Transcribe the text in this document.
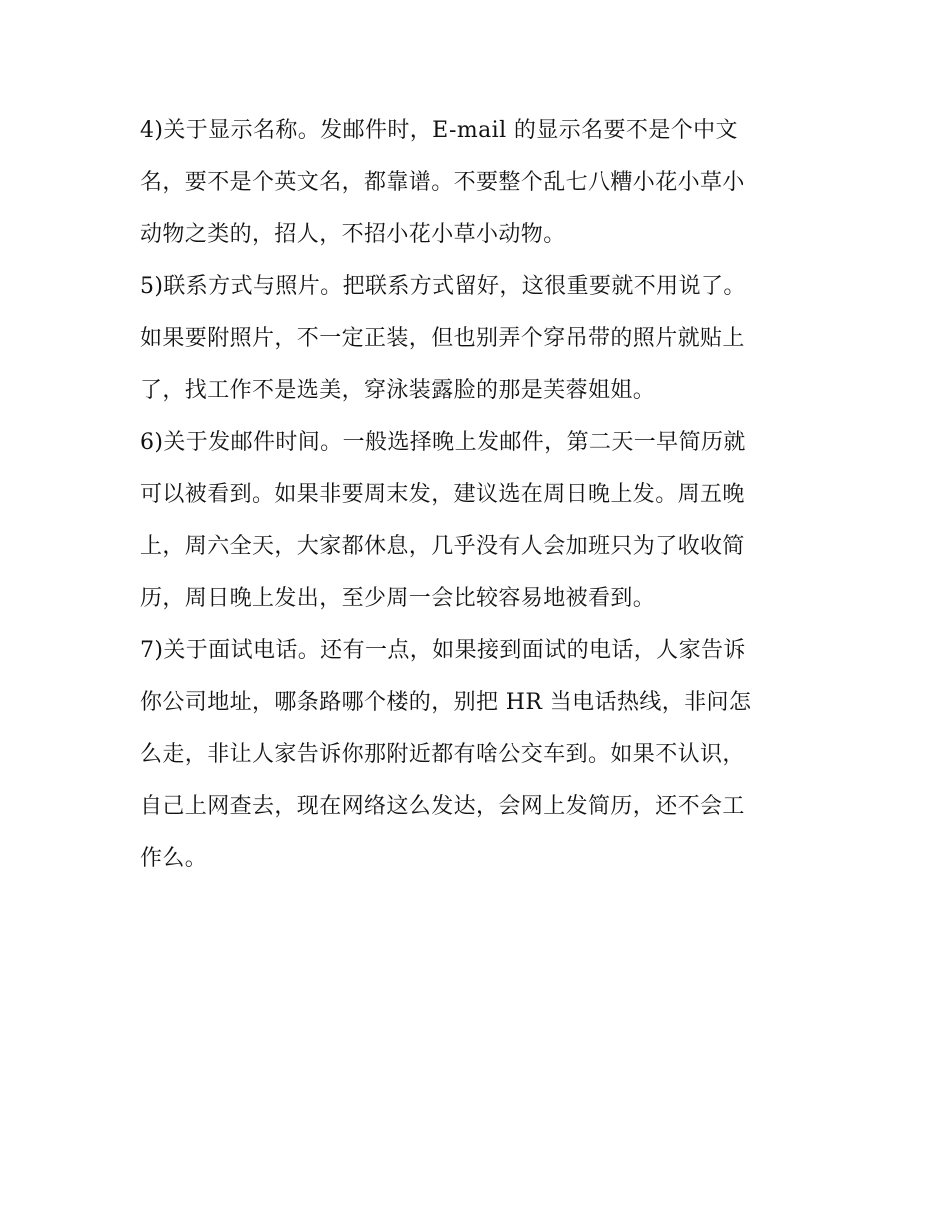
4)关于显示名称。发邮件时，E-mail 的显示名要不是个中文
名，要不是个英文名，都靠谱。不要整个乱七八糟小花小草小
动物之类的，招人，不招小花小草小动物。
5)联系方式与照片。把联系方式留好，这很重要就不用说了。
如果要附照片，不一定正装，但也别弄个穿吊带的照片就贴上
了，找工作不是选美，穿泳装露脸的那是芙蓉姐姐。
6)关于发邮件时间。一般选择晚上发邮件，第二天一早简历就
可以被看到。如果非要周末发，建议选在周日晚上发。周五晚
上，周六全天，大家都休息，几乎没有人会加班只为了收收简
历，周日晚上发出，至少周一会比较容易地被看到。
7)关于面试电话。还有一点，如果接到面试的电话，人家告诉
你公司地址，哪条路哪个楼的，别把 HR 当电话热线，非问怎
么走，非让人家告诉你那附近都有啥公交车到。如果不认识，
自己上网查去，现在网络这么发达，会网上发简历，还不会工
作么。
